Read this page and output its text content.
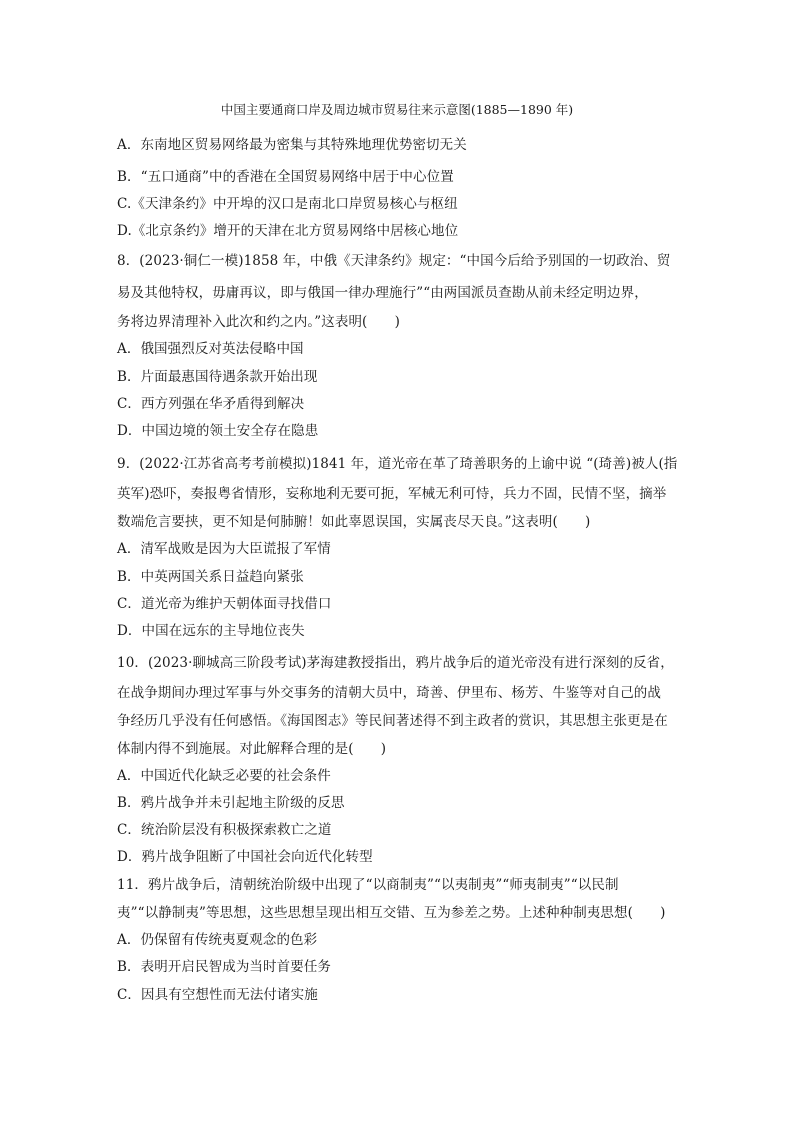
中国主要通商口岸及周边城市贸易往来示意图(1885—1890 年)
A．东南地区贸易网络最为密集与其特殊地理优势密切无关
B．“五口通商”中的香港在全国贸易网络中居于中心位置
C.《天津条约》中开埠的汉口是南北口岸贸易核心与枢纽
D.《北京条约》增开的天津在北方贸易网络中居核心地位
8．(2023·铜仁一模)1858 年，中俄《天津条约》规定：“中国今后给予别国的一切政治、贸
易及其他特权，毋庸再议，即与俄国一律办理施行”“由两国派员查勘从前未经定明边界，
务将边界清理补入此次和约之内。”这表明(　　)
A．俄国强烈反对英法侵略中国
B．片面最惠国待遇条款开始出现
C．西方列强在华矛盾得到解决
D．中国边境的领土安全存在隐患
9．(2022·江苏省高考考前模拟)1841 年，道光帝在革了琦善职务的上谕中说 “(琦善)被人(指
英军)恐吓，奏报粤省情形，妄称地利无要可扼，军械无利可恃，兵力不固，民情不坚，摘举
数端危言要挟，更不知是何肺腑！如此辜恩误国，实属丧尽天良。”这表明(　　)
A．清军战败是因为大臣谎报了军情
B．中英两国关系日益趋向紧张
C．道光帝为维护天朝体面寻找借口
D．中国在远东的主导地位丧失
10．(2023·聊城高三阶段考试)茅海建教授指出，鸦片战争后的道光帝没有进行深刻的反省，
在战争期间办理过军事与外交事务的清朝大员中，琦善、伊里布、杨芳、牛鉴等对自己的战
争经历几乎没有任何感悟。《海国图志》等民间著述得不到主政者的赏识，其思想主张更是在
体制内得不到施展。对此解释合理的是(　　)
A．中国近代化缺乏必要的社会条件
B．鸦片战争并未引起地主阶级的反思
C．统治阶层没有积极探索救亡之道
D．鸦片战争阻断了中国社会向近代化转型
11．鸦片战争后，清朝统治阶级中出现了“以商制夷”“以夷制夷”“师夷制夷”“以民制
夷”“以静制夷”等思想，这些思想呈现出相互交错、互为参差之势。上述种种制夷思想(　　)
A．仍保留有传统夷夏观念的色彩
B．表明开启民智成为当时首要任务
C．因具有空想性而无法付诸实施
